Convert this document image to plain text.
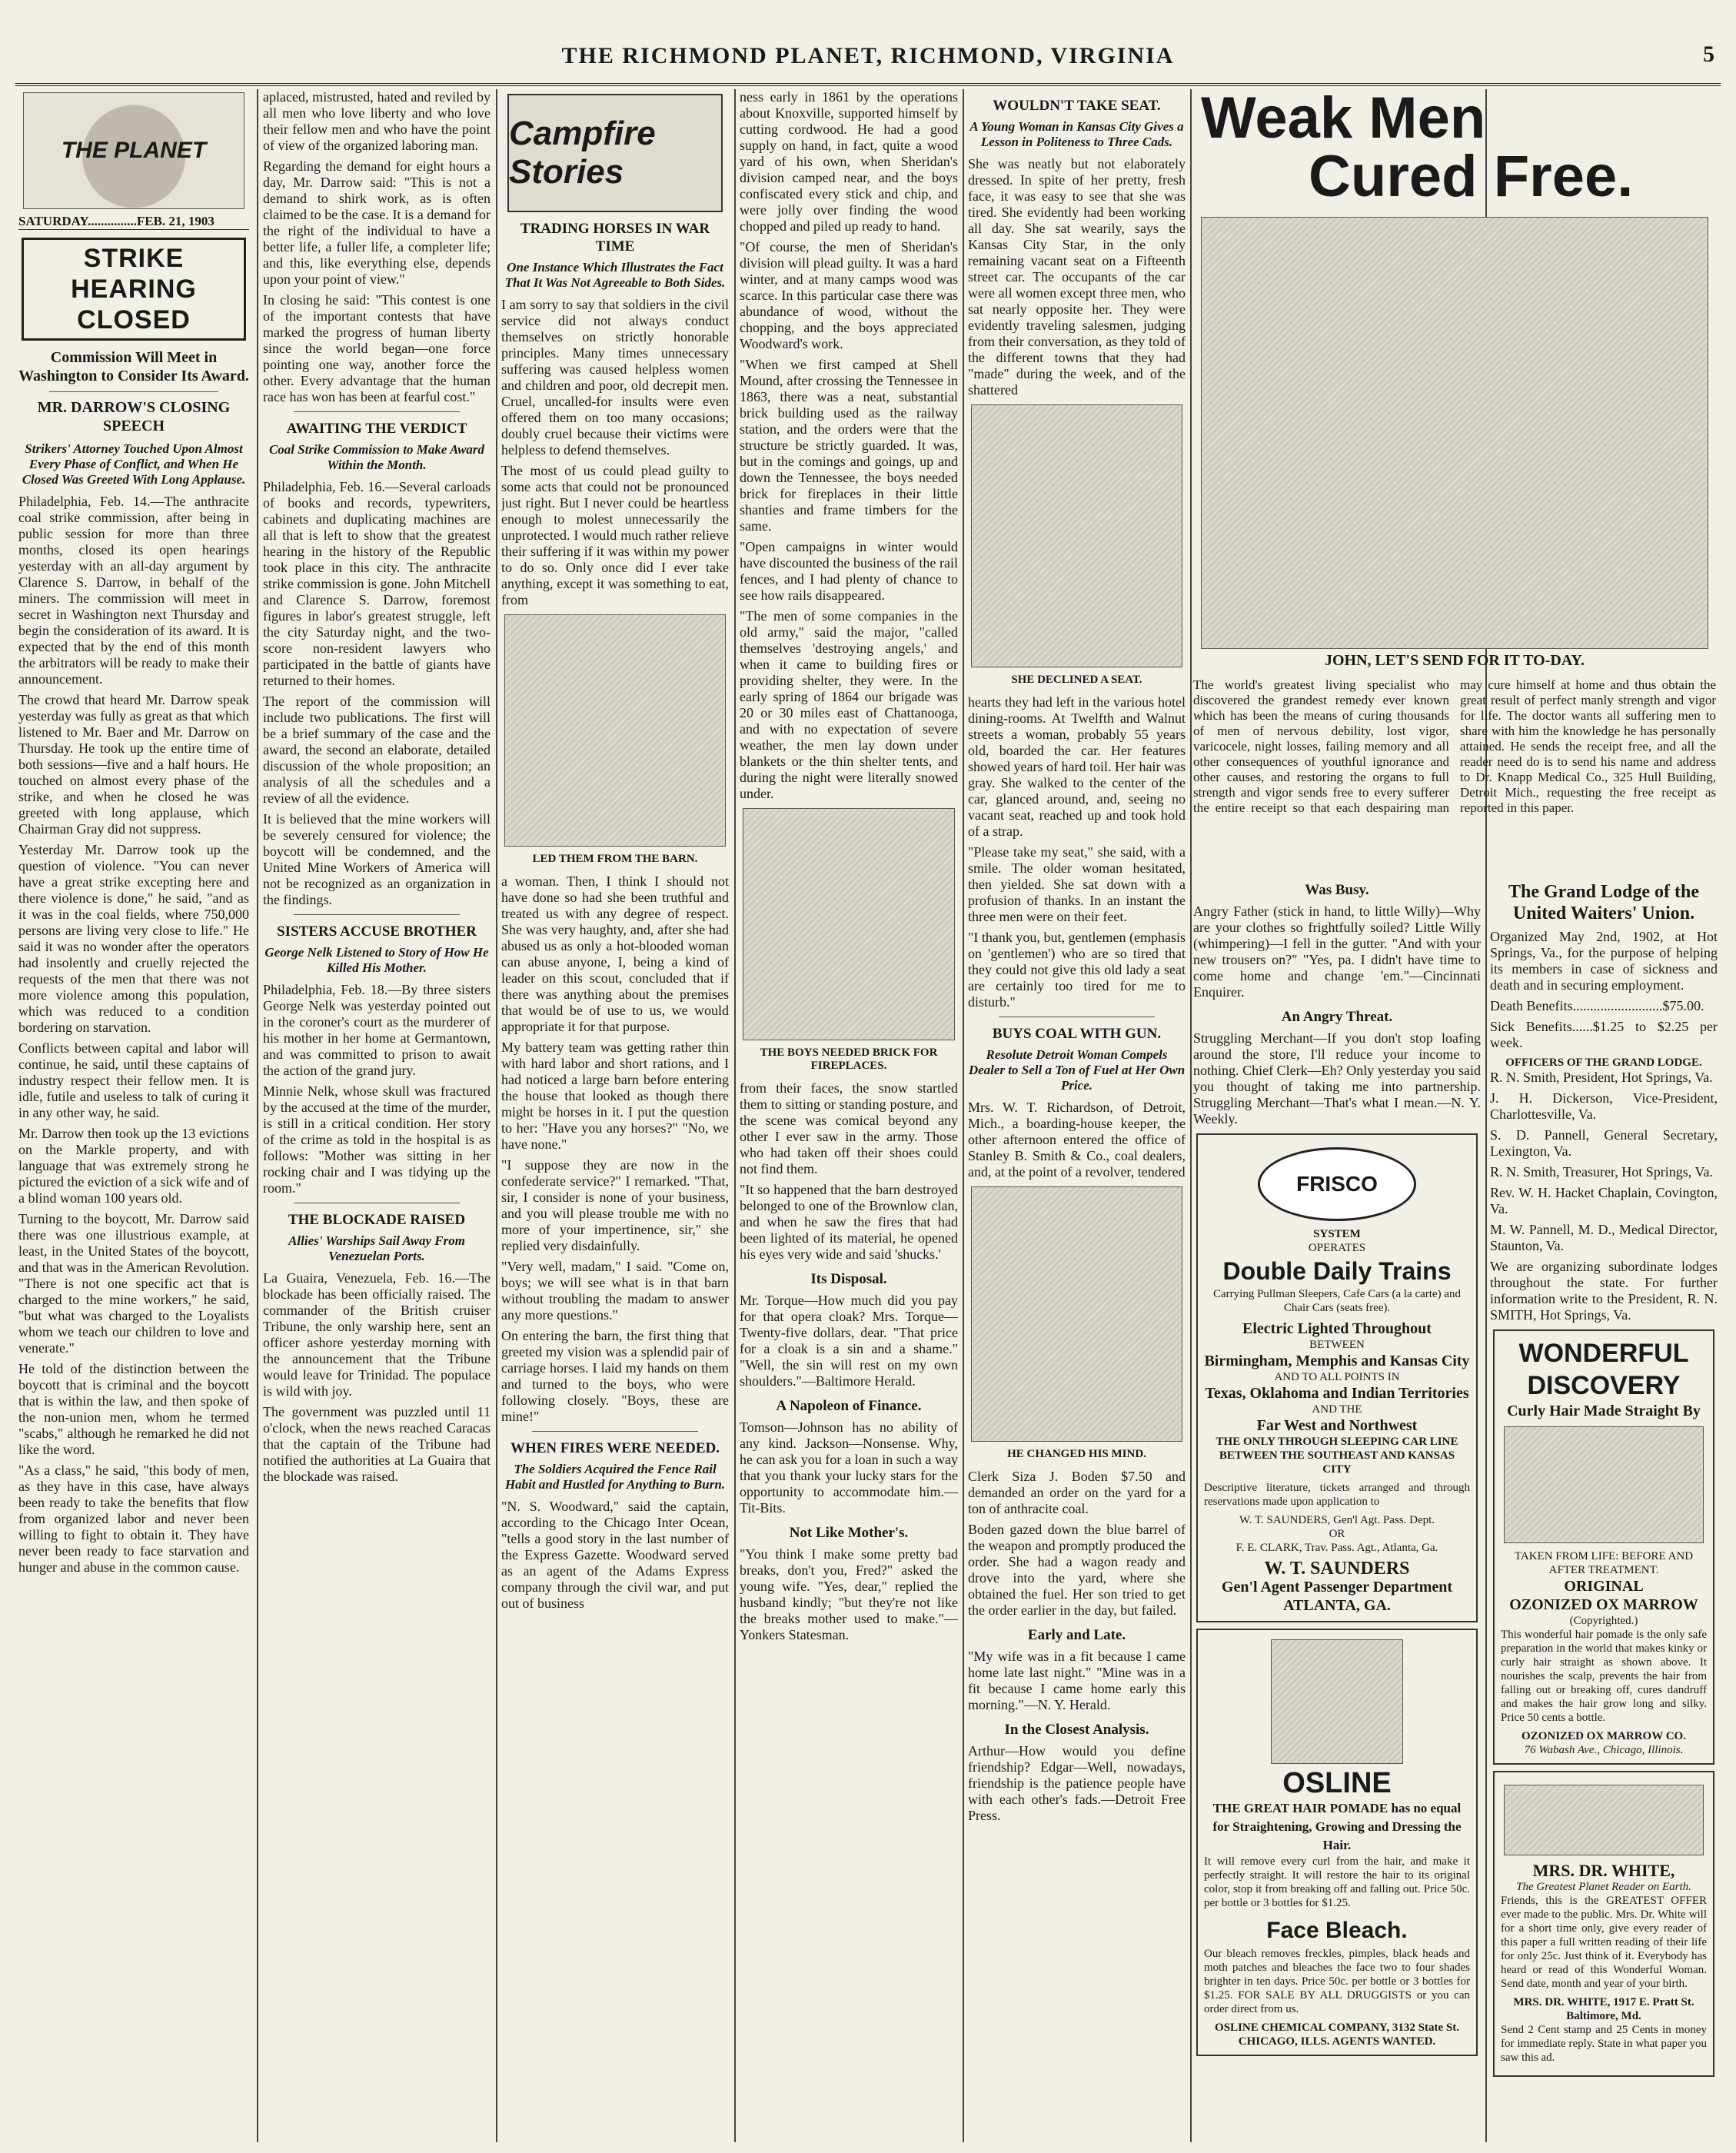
THE RICHMOND PLANET, RICHMOND, VIRGINIA	5
THE PLANET
SATURDAY...............FEB. 21, 1903
STRIKE HEARING CLOSED
Commission Will Meet in Washington to Consider Its Award.
MR. DARROW'S CLOSING SPEECH
Strikers' Attorney Touched Upon Almost Every Phase of Conflict, and When He Closed Was Greeted With Long Applause.

Philadelphia, Feb. 14.—The anthracite coal strike commission, after being in public session for more than three months, closed its open hearings yesterday with an all-day argument by Clarence S. Darrow, in behalf of the miners. The commission will meet in secret in Washington next Thursday and begin the consideration of its award. It is expected that by the end of this month the arbitrators will be ready to make their announcement.

The crowd that heard Mr. Darrow speak yesterday was fully as great as that which listened to Mr. Baer and Mr. Darrow on Thursday. He took up the entire time of both sessions—five and a half hours. He touched on almost every phase of the strike, and when he closed he was greeted with long applause, which Chairman Gray did not suppress.

Yesterday Mr. Darrow took up the question of violence. "You can never have a great strike excepting here and there violence is done," he said, "and as it was in the coal fields, where 750,000 persons are living very close to life." He said it was no wonder after the operators had insolently and cruelly rejected the requests of the men that there was not more violence among this population, which was reduced to a condition bordering on starvation.

Conflicts between capital and labor will continue, he said, until these captains of industry respect their fellow men. It is idle, futile and useless to talk of curing it in any other way, he said.

Mr. Darrow then took up the 13 evictions on the Markle property, and with language that was extremely strong he pictured the eviction of a sick wife and of a blind woman 100 years old.

Turning to the boycott, Mr. Darrow said there was one illustrious example, at least, in the United States of the boycott, and that was in the American Revolution. "There is not one specific act that is charged to the mine workers," he said, "but what was charged to the Loyalists whom we teach our children to love and venerate."

He told of the distinction between the boycott that is criminal and the boycott that is within the law, and then spoke of the non-union men, whom he termed "scabs," although he remarked he did not like the word.

"As a class," he said, "this body of men, as they have in this case, have always been ready to take the benefits that flow from organized labor and never been willing to fight to obtain it. They have never been ready to face starvation and hunger and abuse in the common cause.

aplaced, mistrusted, hated and reviled by all men who love liberty and who love their fellow men and who have the point of view of the organized laboring man.

Regarding the demand for eight hours a day, Mr. Darrow said: "This is not a demand to shirk work, as is often claimed to be the case. It is a demand for the right of the individual to have a better life, a fuller life, a completer life; and this, like everything else, depends upon your point of view."

In closing he said: "This contest is one of the important contests that have marked the progress of human liberty since the world began—one force pointing one way, another force the other. Every advantage that the human race has won has been at fearful cost."

AWAITING THE VERDICT
Coal Strike Commission to Make Award Within the Month.

Philadelphia, Feb. 16.—Several carloads of books and records, typewriters, cabinets and duplicating machines are all that is left to show that the greatest hearing in the history of the Republic took place in this city. The anthracite strike commission is gone. John Mitchell and Clarence S. Darrow, foremost figures in labor's greatest struggle, left the city Saturday night, and the two-score non-resident lawyers who participated in the battle of giants have returned to their homes.

The report of the commission will include two publications. The first will be a brief summary of the case and the award, the second an elaborate, detailed discussion of the whole proposition; an analysis of all the schedules and a review of all the evidence.

It is believed that the mine workers will be severely censured for violence; the boycott will be condemned, and the United Mine Workers of America will not be recognized as an organization in the findings.

SISTERS ACCUSE BROTHER
George Nelk Listened to Story of How He Killed His Mother.

Philadelphia, Feb. 18.—By three sisters George Nelk was yesterday pointed out in the coroner's court as the murderer of his mother in her home at Germantown, and was committed to prison to await the action of the grand jury.

Minnie Nelk, whose skull was fractured by the accused at the time of the murder, is still in a critical condition. Her story of the crime as told in the hospital is as follows: "Mother was sitting in her rocking chair and I was tidying up the room."

THE BLOCKADE RAISED
Allies' Warships Sail Away From Venezuelan Ports.

La Guaira, Venezuela, Feb. 16.—The blockade has been officially raised. The commander of the British cruiser Tribune, the only warship here, sent an officer ashore yesterday morning with the announcement that the Tribune would leave for Trinidad. The populace is wild with joy.

The government was puzzled until 11 o'clock, when the news reached Caracas that the captain of the Tribune had notified the authorities at La Guaira that the blockade was raised.

Campfire Stories
TRADING HORSES IN WAR TIME
One Instance Which Illustrates the Fact That It Was Not Agreeable to Both Sides.

I am sorry to say that soldiers in the civil service did not always conduct themselves on strictly honorable principles. Many times unnecessary suffering was caused helpless women and children and poor, old decrepit men. Cruel, uncalled-for insults were even offered them on too many occasions; doubly cruel because their victims were helpless to defend themselves.

The most of us could plead guilty to some acts that could not be pronounced just right. But I never could be heartless enough to molest unnecessarily the unprotected. I would much rather relieve their suffering if it was within my power to do so. Only once did I ever take anything, except it was something to eat, from

LED THEM FROM THE BARN.

a woman. Then, I think I should not have done so had she been truthful and treated us with any degree of respect. She was very haughty, and, after she had abused us as only a hot-blooded woman can abuse anyone, I, being a kind of leader on this scout, concluded that if there was anything about the premises that would be of use to us, we would appropriate it for that purpose.

My battery team was getting rather thin with hard labor and short rations, and I had noticed a large barn before entering the house that looked as though there might be horses in it. I put the question to her: "Have you any horses?" "No, we have none."

"I suppose they are now in the confederate service?" I remarked. "That, sir, I consider is none of your business, and you will please trouble me with no more of your impertinence, sir," she replied very disdainfully.

"Very well, madam," I said. "Come on, boys; we will see what is in that barn without troubling the madam to answer any more questions."

On entering the barn, the first thing that greeted my vision was a splendid pair of carriage horses. I laid my hands on them and turned to the boys, who were following closely. "Boys, these are mine!"

WHEN FIRES WERE NEEDED.
The Soldiers Acquired the Fence Rail Habit and Hustled for Anything to Burn.

"N. S. Woodward," said the captain, according to the Chicago Inter Ocean, "tells a good story in the last number of the Express Gazette. Woodward served as an agent of the Adams Express company through the civil war, and put out of business

ness early in 1861 by the operations about Knoxville, supported himself by cutting cordwood. He had a good supply on hand, in fact, quite a wood yard of his own, when Sheridan's division camped near, and the boys confiscated every stick and chip, and were jolly over finding the wood chopped and piled up ready to hand.

"Of course, the men of Sheridan's division will plead guilty. It was a hard winter, and at many camps wood was scarce. In this particular case there was abundance of wood, without the chopping, and the boys appreciated Woodward's work.

"When we first camped at Shell Mound, after crossing the Tennessee in 1863, there was a neat, substantial brick building used as the railway station, and the orders were that the structure be strictly guarded. It was, but in the comings and goings, up and down the Tennessee, the boys needed brick for fireplaces in their little shanties and frame timbers for the same.

"Open campaigns in winter would have discounted the business of the rail fences, and I had plenty of chance to see how rails disappeared.

"The men of some companies in the old army," said the major, "called themselves 'destroying angels,' and when it came to building fires or providing shelter, they were. In the early spring of 1864 our brigade was 20 or 30 miles east of Chattanooga, and with no expectation of severe weather, the men lay down under blankets or the thin shelter tents, and during the night were literally snowed under.

THE BOYS NEEDED BRICK FOR FIREPLACES.

from their faces, the snow startled them to sitting or standing posture, and the scene was comical beyond any other I ever saw in the army. Those who had taken off their shoes could not find them.

"It so happened that the barn destroyed belonged to one of the Brownlow clan, and when he saw the fires that had been lighted of its material, he opened his eyes very wide and said 'shucks.'

Its Disposal.

Mr. Torque—How much did you pay for that opera cloak? Mrs. Torque—Twenty-five dollars, dear. "That price for a cloak is a sin and a shame." "Well, the sin will rest on my own shoulders."—Baltimore Herald.

A Napoleon of Finance.

Tomson—Johnson has no ability of any kind. Jackson—Nonsense. Why, he can ask you for a loan in such a way that you thank your lucky stars for the opportunity to accommodate him.—Tit-Bits.

Not Like Mother's.

"You think I make some pretty bad breaks, don't you, Fred?" asked the young wife. "Yes, dear," replied the husband kindly; "but they're not like the breaks mother used to make."—Yonkers Statesman.

WOULDN'T TAKE SEAT.
A Young Woman in Kansas City Gives a Lesson in Politeness to Three Cads.

She was neatly but not elaborately dressed. In spite of her pretty, fresh face, it was easy to see that she was tired. She evidently had been working all day. She sat wearily, says the Kansas City Star, in the only remaining vacant seat on a Fifteenth street car. The occupants of the car were all women except three men, who sat nearly opposite her. They were evidently traveling salesmen, judging from their conversation, as they told of the different towns that they had "made" during the week, and of the shattered

SHE DECLINED A SEAT.

hearts they had left in the various hotel dining-rooms. At Twelfth and Walnut streets a woman, probably 55 years old, boarded the car. Her features showed years of hard toil. Her hair was gray. She walked to the center of the car, glanced around, and, seeing no vacant seat, reached up and took hold of a strap.

"Please take my seat," she said, with a smile. The older woman hesitated, then yielded. She sat down with a profusion of thanks. In an instant the three men were on their feet.

"I thank you, but, gentlemen (emphasis on 'gentlemen') who are so tired that they could not give this old lady a seat are certainly too tired for me to disturb."

BUYS COAL WITH GUN.
Resolute Detroit Woman Compels Dealer to Sell a Ton of Fuel at Her Own Price.

Mrs. W. T. Richardson, of Detroit, Mich., a boarding-house keeper, the other afternoon entered the office of Stanley B. Smith & Co., coal dealers, and, at the point of a revolver, tendered

HE CHANGED HIS MIND.

Clerk Siza J. Boden $7.50 and demanded an order on the yard for a ton of anthracite coal.

Boden gazed down the blue barrel of the weapon and promptly produced the order. She had a wagon ready and drove into the yard, where she obtained the fuel. Her son tried to get the order earlier in the day, but failed.

Early and Late.

"My wife was in a fit because I came home late last night." "Mine was in a fit because I came home early this morning."—N. Y. Herald.

In the Closest Analysis.

Arthur—How would you define friendship? Edgar—Well, nowadays, friendship is the patience people have with each other's fads.—Detroit Free Press.

Weak Men
Cured Free.
JOHN, LET'S SEND FOR IT TO-DAY.

The world's greatest living specialist who discovered the grandest remedy ever known which has been the means of curing thousands of men of nervous debility, lost vigor, varicocele, night losses, failing memory and all other consequences of youthful ignorance and other causes, and restoring the organs to full strength and vigor sends free to every sufferer the entire receipt so that each despairing man may cure himself at home and thus obtain the great result of perfect manly strength and vigor for life. The doctor wants all suffering men to share with him the knowledge he has personally attained. He sends the receipt free, and all the reader need do is to send his name and address to Dr. Knapp Medical Co., 325 Hull Building, Detroit Mich., requesting the free receipt as reported in this paper.

Was Busy.

Angry Father (stick in hand, to little Willy)—Why are your clothes so frightfully soiled? Little Willy (whimpering)—I fell in the gutter. "And with your new trousers on?" "Yes, pa. I didn't have time to come home and change 'em."—Cincinnati Enquirer.

An Angry Threat.

Struggling Merchant—If you don't stop loafing around the store, I'll reduce your income to nothing. Chief Clerk—Eh? Only yesterday you said you thought of taking me into partnership. Struggling Merchant—That's what I mean.—N. Y. Weekly.

FRISCO
SYSTEM
OPERATES
Double Daily Trains

Carrying Pullman Sleepers, Cafe Cars (a la carte) and Chair Cars (seats free).

Electric Lighted Throughout
BETWEEN
Birmingham, Memphis and Kansas City
AND TO ALL POINTS IN
Texas, Oklahoma and Indian Territories
AND THE
Far West and Northwest

THE ONLY THROUGH SLEEPING CAR LINE BETWEEN THE SOUTHEAST AND KANSAS CITY

Descriptive literature, tickets arranged and through reservations made upon application to

W. T. SAUNDERS, Gen'l Agt. Pass. Dept.
OR
F. E. CLARK, Trav. Pass. Agt., Atlanta, Ga.
W. T. SAUNDERS
Gen'l Agent Passenger Department
ATLANTA, GA.
OSLINE
THE GREAT HAIR POMADE has no equal for Straightening, Growing and Dressing the Hair.

It will remove every curl from the hair, and make it perfectly straight. It will restore the hair to its original color, stop it from breaking off and falling out. Price 50c. per bottle or 3 bottles for $1.25.

Face Bleach.

Our bleach removes freckles, pimples, black heads and moth patches and bleaches the face two to four shades brighter in ten days. Price 50c. per bottle or 3 bottles for $1.25. FOR SALE BY ALL DRUGGISTS or you can order direct from us.

OSLINE CHEMICAL COMPANY, 3132 State St. CHICAGO, ILLS. AGENTS WANTED.
The Grand Lodge of the United Waiters' Union.

Organized May 2nd, 1902, at Hot Springs, Va., for the purpose of helping its members in case of sickness and death and in securing employment.

Death Benefits..........................$75.00.

Sick Benefits......$1.25 to $2.25 per week.

OFFICERS OF THE GRAND LODGE.

R. N. Smith, President, Hot Springs, Va.

J. H. Dickerson, Vice-President, Charlottesville, Va.

S. D. Pannell, General Secretary, Lexington, Va.

R. N. Smith, Treasurer, Hot Springs, Va.

Rev. W. H. Hacket Chaplain, Covington, Va.

M. W. Pannell, M. D., Medical Director, Staunton, Va.

We are organizing subordinate lodges throughout the state. For further information write to the President, R. N. SMITH, Hot Springs, Va.

WONDERFUL DISCOVERY
Curly Hair Made Straight By
TAKEN FROM LIFE: BEFORE AND AFTER TREATMENT.
ORIGINAL
OZONIZED OX MARROW
(Copyrighted.)

This wonderful hair pomade is the only safe preparation in the world that makes kinky or curly hair straight as shown above. It nourishes the scalp, prevents the hair from falling out or breaking off, cures dandruff and makes the hair grow long and silky. Price 50 cents a bottle.

OZONIZED OX MARROW CO.
76 Wabash Ave., Chicago, Illinois.
MRS. DR. WHITE,
The Greatest Planet Reader on Earth.

Friends, this is the GREATEST OFFER ever made to the public. Mrs. Dr. White will for a short time only, give every reader of this paper a full written reading of their life for only 25c. Just think of it. Everybody has heard or read of this Wonderful Woman. Send date, month and year of your birth.

MRS. DR. WHITE, 1917 E. Pratt St. Baltimore, Md.

Send 2 Cent stamp and 25 Cents in money for immediate reply. State in what paper you saw this ad.
